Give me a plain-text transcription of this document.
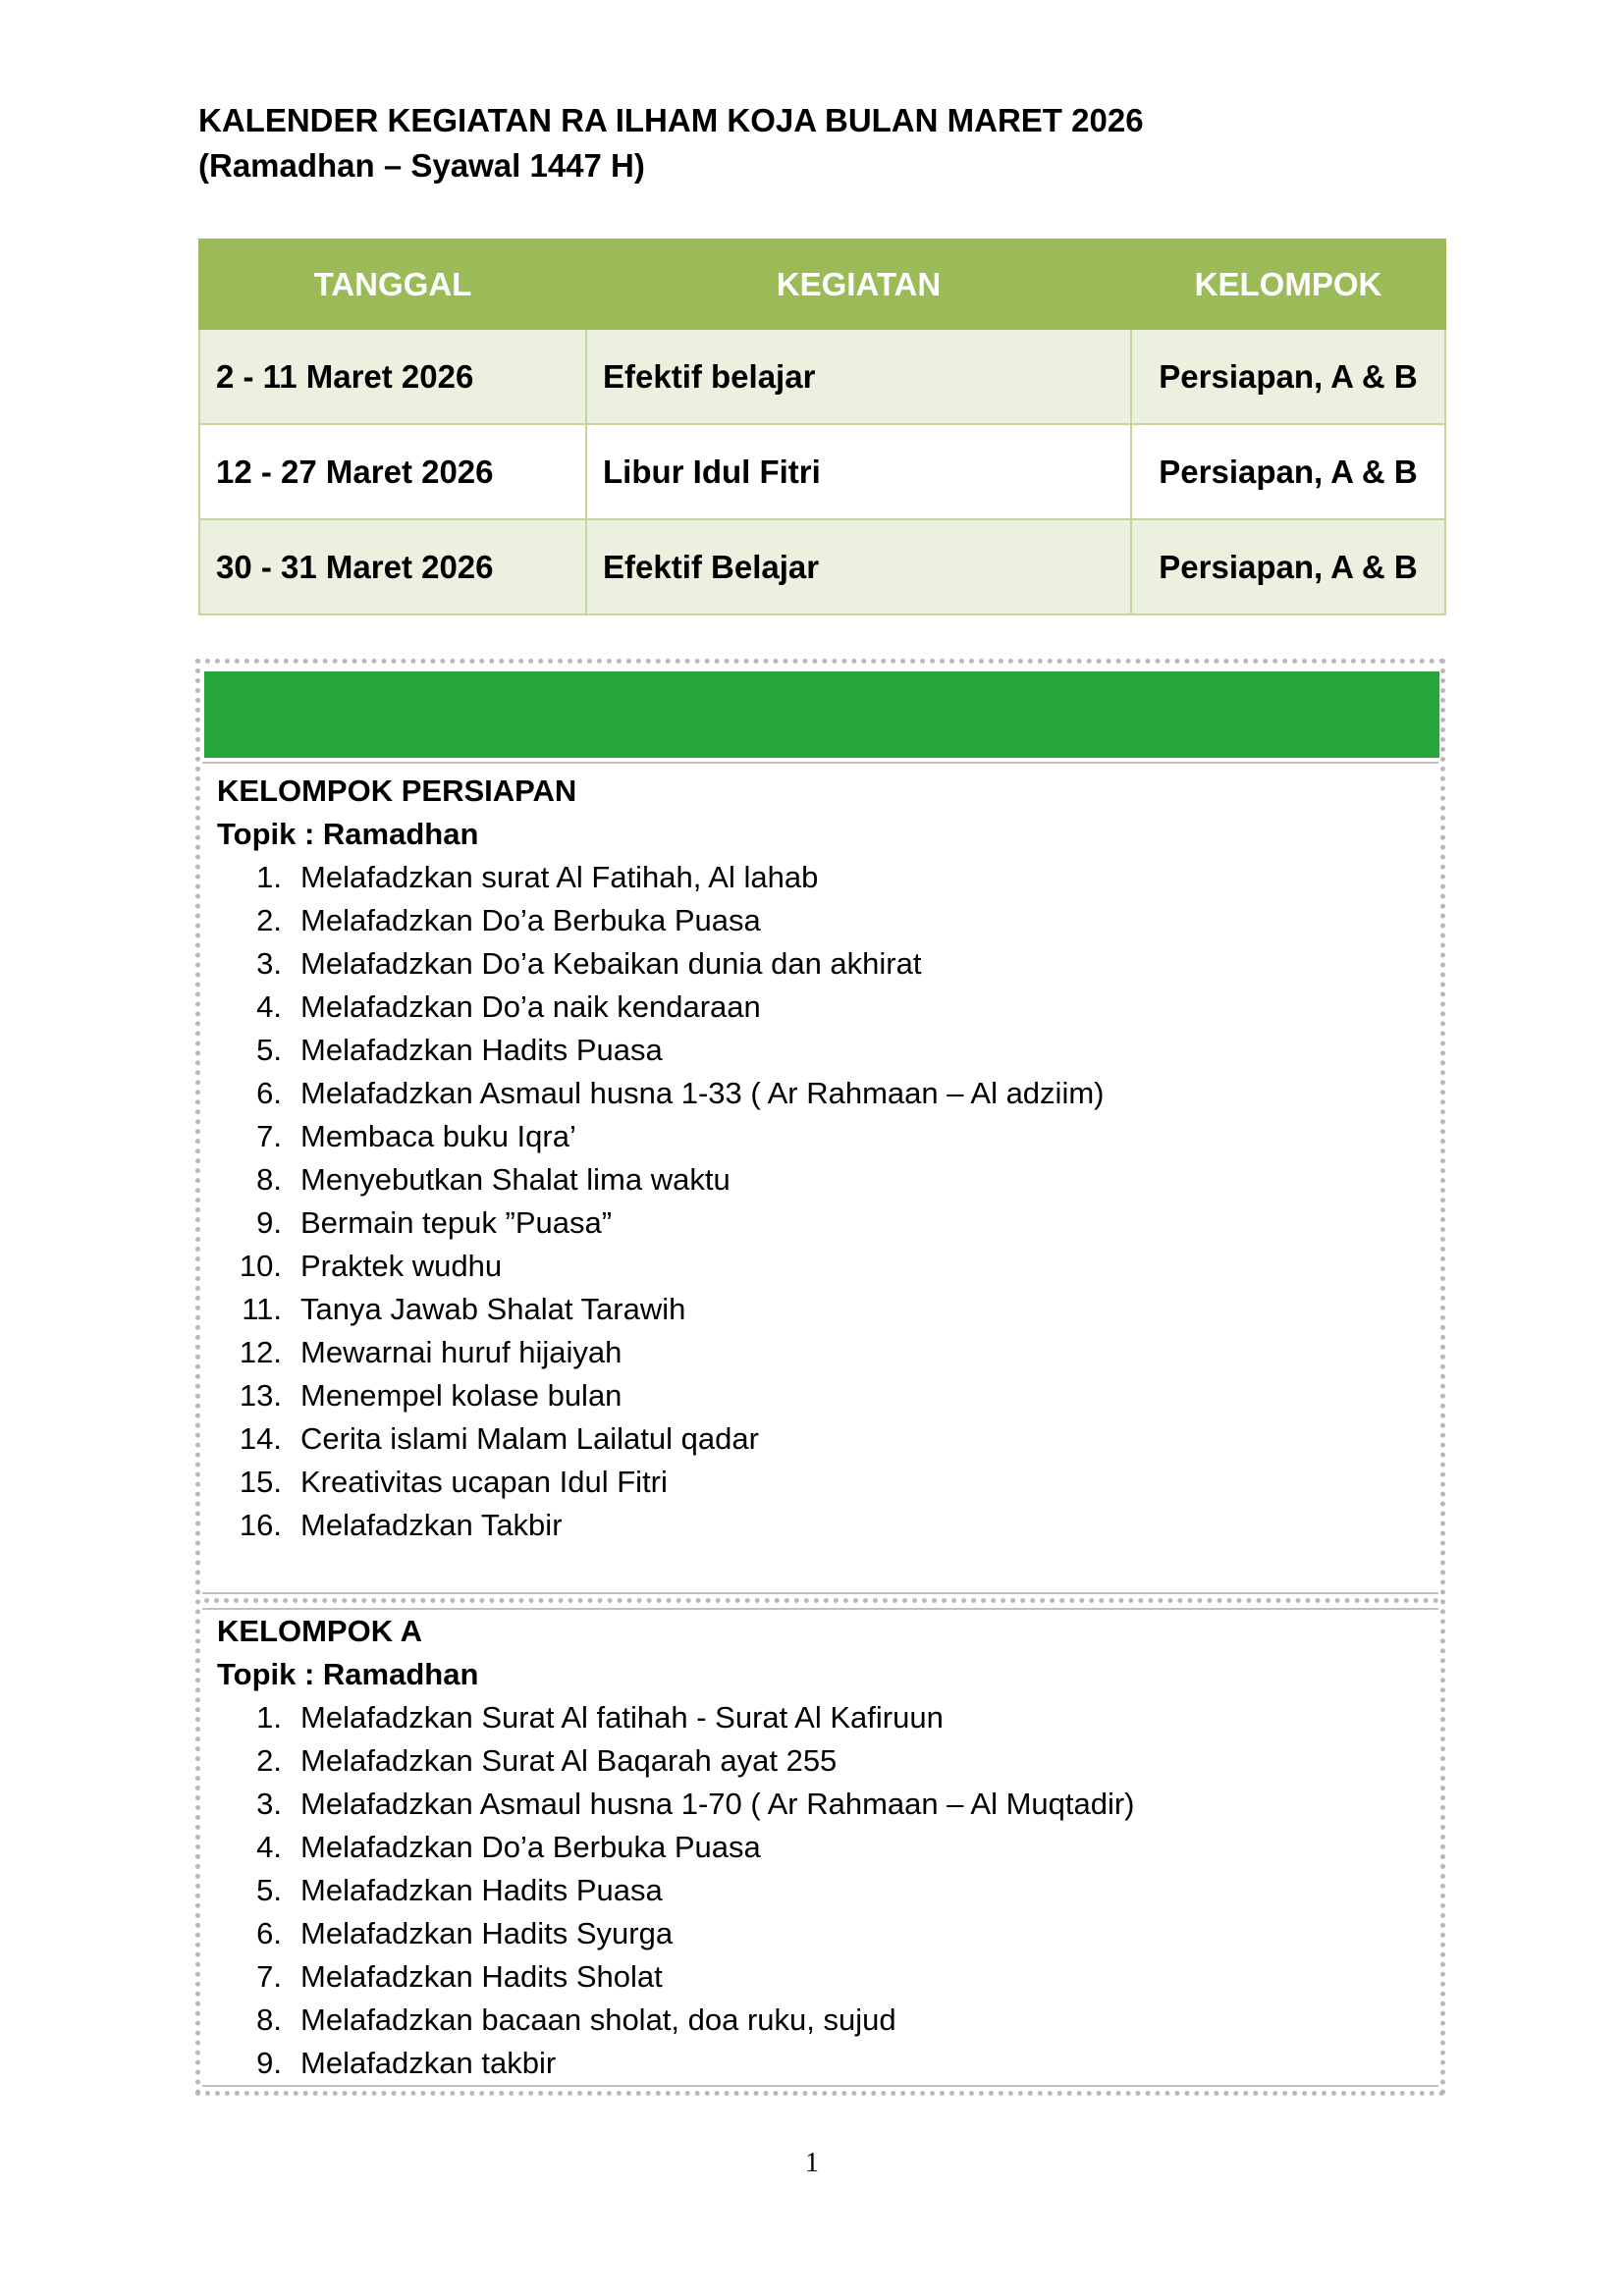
KALENDER KEGIATAN RA ILHAM KOJA BULAN MARET 2026
(Ramadhan – Syawal 1447 H)
TANGGAL	KEGIATAN	KELOMPOK
2 - 11 Maret 2026	Efektif belajar	Persiapan, A & B
12 - 27 Maret 2026	Libur Idul Fitri	Persiapan, A & B
30 - 31 Maret 2026	Efektif Belajar	Persiapan, A & B
KELOMPOK PERSIAPAN
Topik : Ramadhan
1. Melafadzkan surat Al Fatihah, Al lahab
2. Melafadzkan Do’a Berbuka Puasa
3. Melafadzkan Do’a Kebaikan dunia dan akhirat
4. Melafadzkan Do’a naik kendaraan
5. Melafadzkan Hadits Puasa
6. Melafadzkan Asmaul husna 1-33 ( Ar Rahmaan – Al adziim)
7. Membaca buku Iqra’
8. Menyebutkan Shalat lima waktu
9. Bermain tepuk ”Puasa”
10. Praktek wudhu
11. Tanya Jawab Shalat Tarawih
12. Mewarnai huruf hijaiyah
13. Menempel kolase bulan
14. Cerita islami Malam Lailatul qadar
15. Kreativitas ucapan Idul Fitri
16. Melafadzkan Takbir
KELOMPOK A
Topik : Ramadhan
1. Melafadzkan Surat Al fatihah - Surat Al Kafiruun
2. Melafadzkan Surat Al Baqarah ayat 255
3. Melafadzkan Asmaul husna 1-70 ( Ar Rahmaan – Al Muqtadir)
4. Melafadzkan Do’a Berbuka Puasa
5. Melafadzkan Hadits Puasa
6. Melafadzkan Hadits Syurga
7. Melafadzkan Hadits Sholat
8. Melafadzkan bacaan sholat, doa ruku, sujud
9. Melafadzkan takbir
1
